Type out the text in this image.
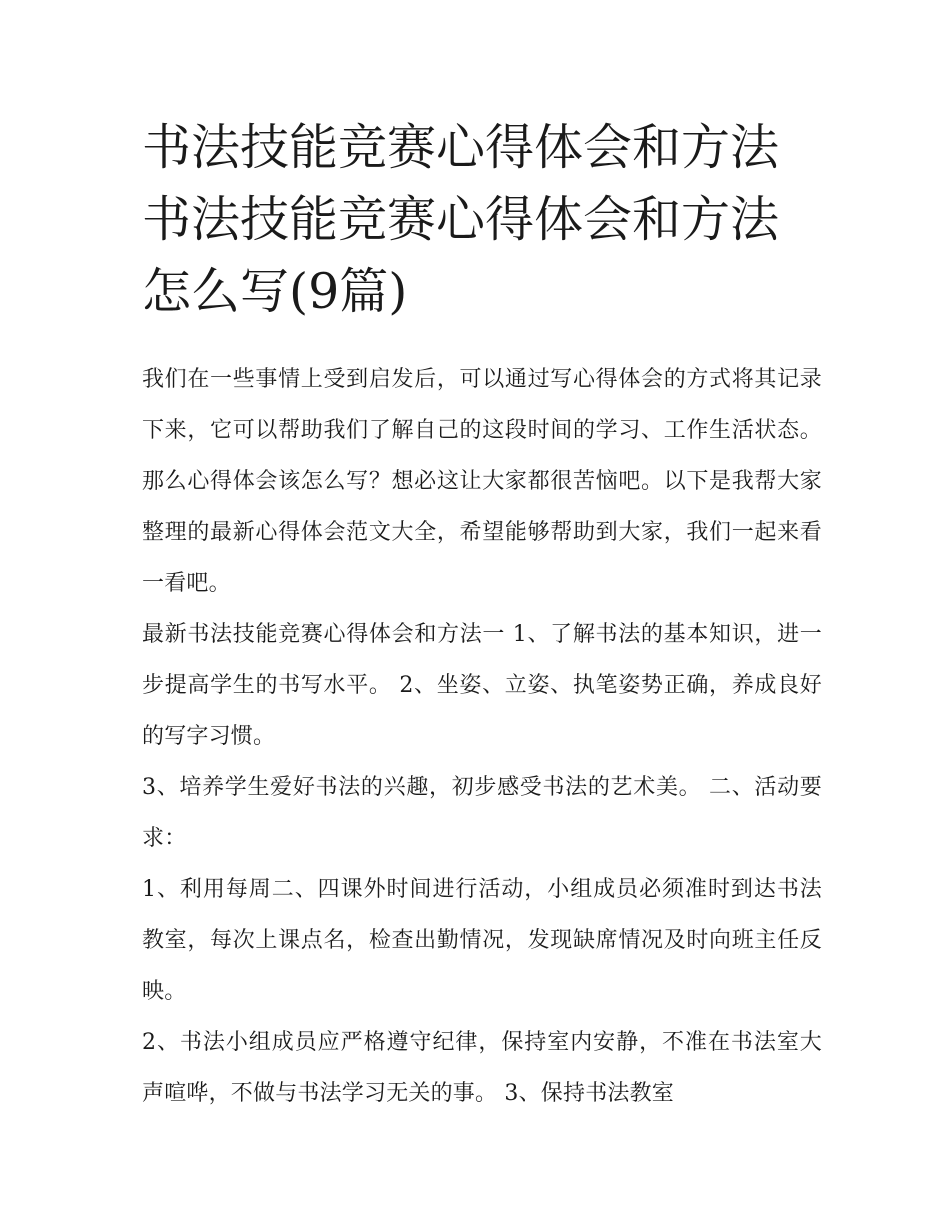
书法技能竞赛心得体会和方法
书法技能竞赛心得体会和方法
怎么写(9篇)

我们在一些事情上受到启发后，可以通过写心得体会的方式将其记录下来，它可以帮助我们了解自己的这段时间的学习、工作生活状态。那么心得体会该怎么写？想必这让大家都很苦恼吧。以下是我帮大家整理的最新心得体会范文大全，希望能够帮助到大家，我们一起来看一看吧。

最新书法技能竞赛心得体会和方法一 1、了解书法的基本知识，进一步提高学生的书写水平。 2、坐姿、立姿、执笔姿势正确，养成良好的写字习惯。

3、培养学生爱好书法的兴趣，初步感受书法的艺术美。 二、活动要求：

1、利用每周二、四课外时间进行活动，小组成员必须准时到达书法教室，每次上课点名，检查出勤情况，发现缺席情况及时向班主任反映。

2、书法小组成员应严格遵守纪律，保持室内安静，不准在书法室大声喧哗，不做与书法学习无关的事。 3、保持书法教室
